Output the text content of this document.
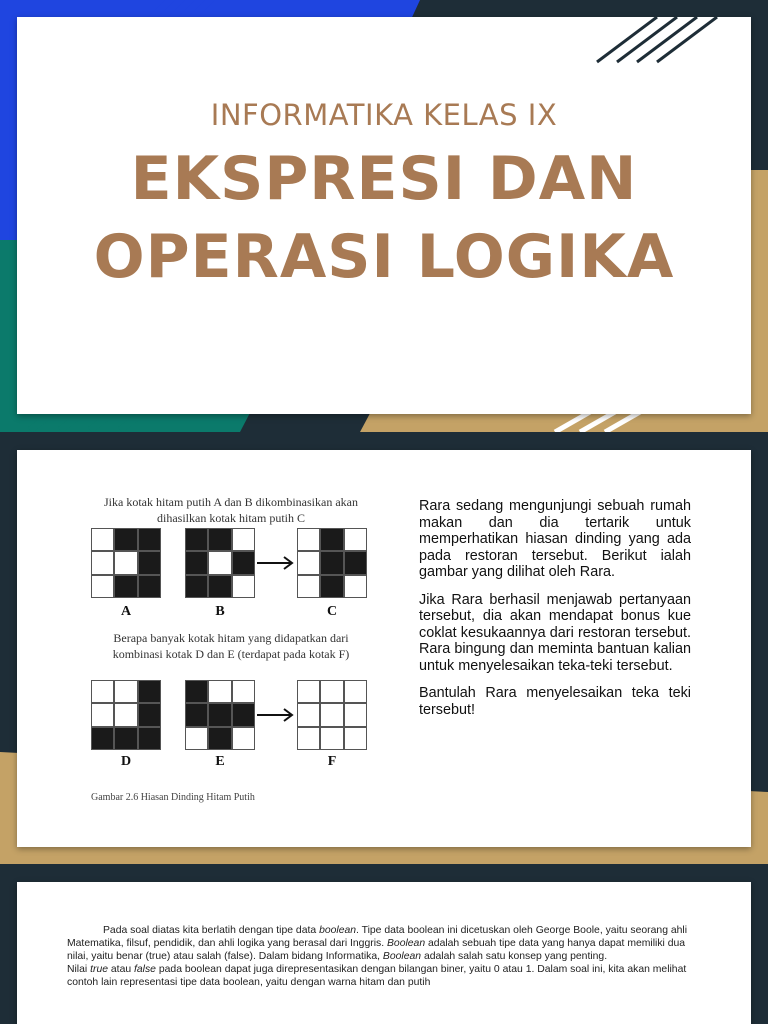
INFORMATIKA KELAS IX
EKSPRESI DAN
OPERASI LOGIKA
Jika kotak hitam putih A dan B dikombinasikan akan dihasilkan kotak hitam putih C
A	B	C
Berapa banyak kotak hitam yang didapatkan dari kombinasi kotak D dan E (terdapat pada kotak F)
D	E	F
Gambar 2.6 Hiasan Dinding Hitam Putih

Rara sedang mengunjungi sebuah rumah makan dan dia tertarik untuk memperhatikan hiasan dinding yang ada pada restoran tersebut. Berikut ialah gambar yang dilihat oleh Rara.

Jika Rara berhasil menjawab pertanyaan tersebut, dia akan mendapat bonus kue coklat kesukaannya dari restoran tersebut. Rara bingung dan meminta bantuan kalian untuk menyelesaikan teka-teki tersebut.

Bantulah Rara menyelesaikan teka teki tersebut!

Pada soal diatas kita berlatih dengan tipe data boolean. Tipe data boolean ini dicetuskan oleh George Boole, yaitu seorang ahli Matematika, filsuf, pendidik, dan ahli logika yang berasal dari Inggris. Boolean adalah sebuah tipe data yang hanya dapat memiliki dua nilai, yaitu benar (true) atau salah (false). Dalam bidang Informatika, Boolean adalah salah satu konsep yang penting.

Nilai true atau false pada boolean dapat juga direpresentasikan dengan bilangan biner, yaitu 0 atau 1. Dalam soal ini, kita akan melihat contoh lain representasi tipe data boolean, yaitu dengan warna hitam dan putih
